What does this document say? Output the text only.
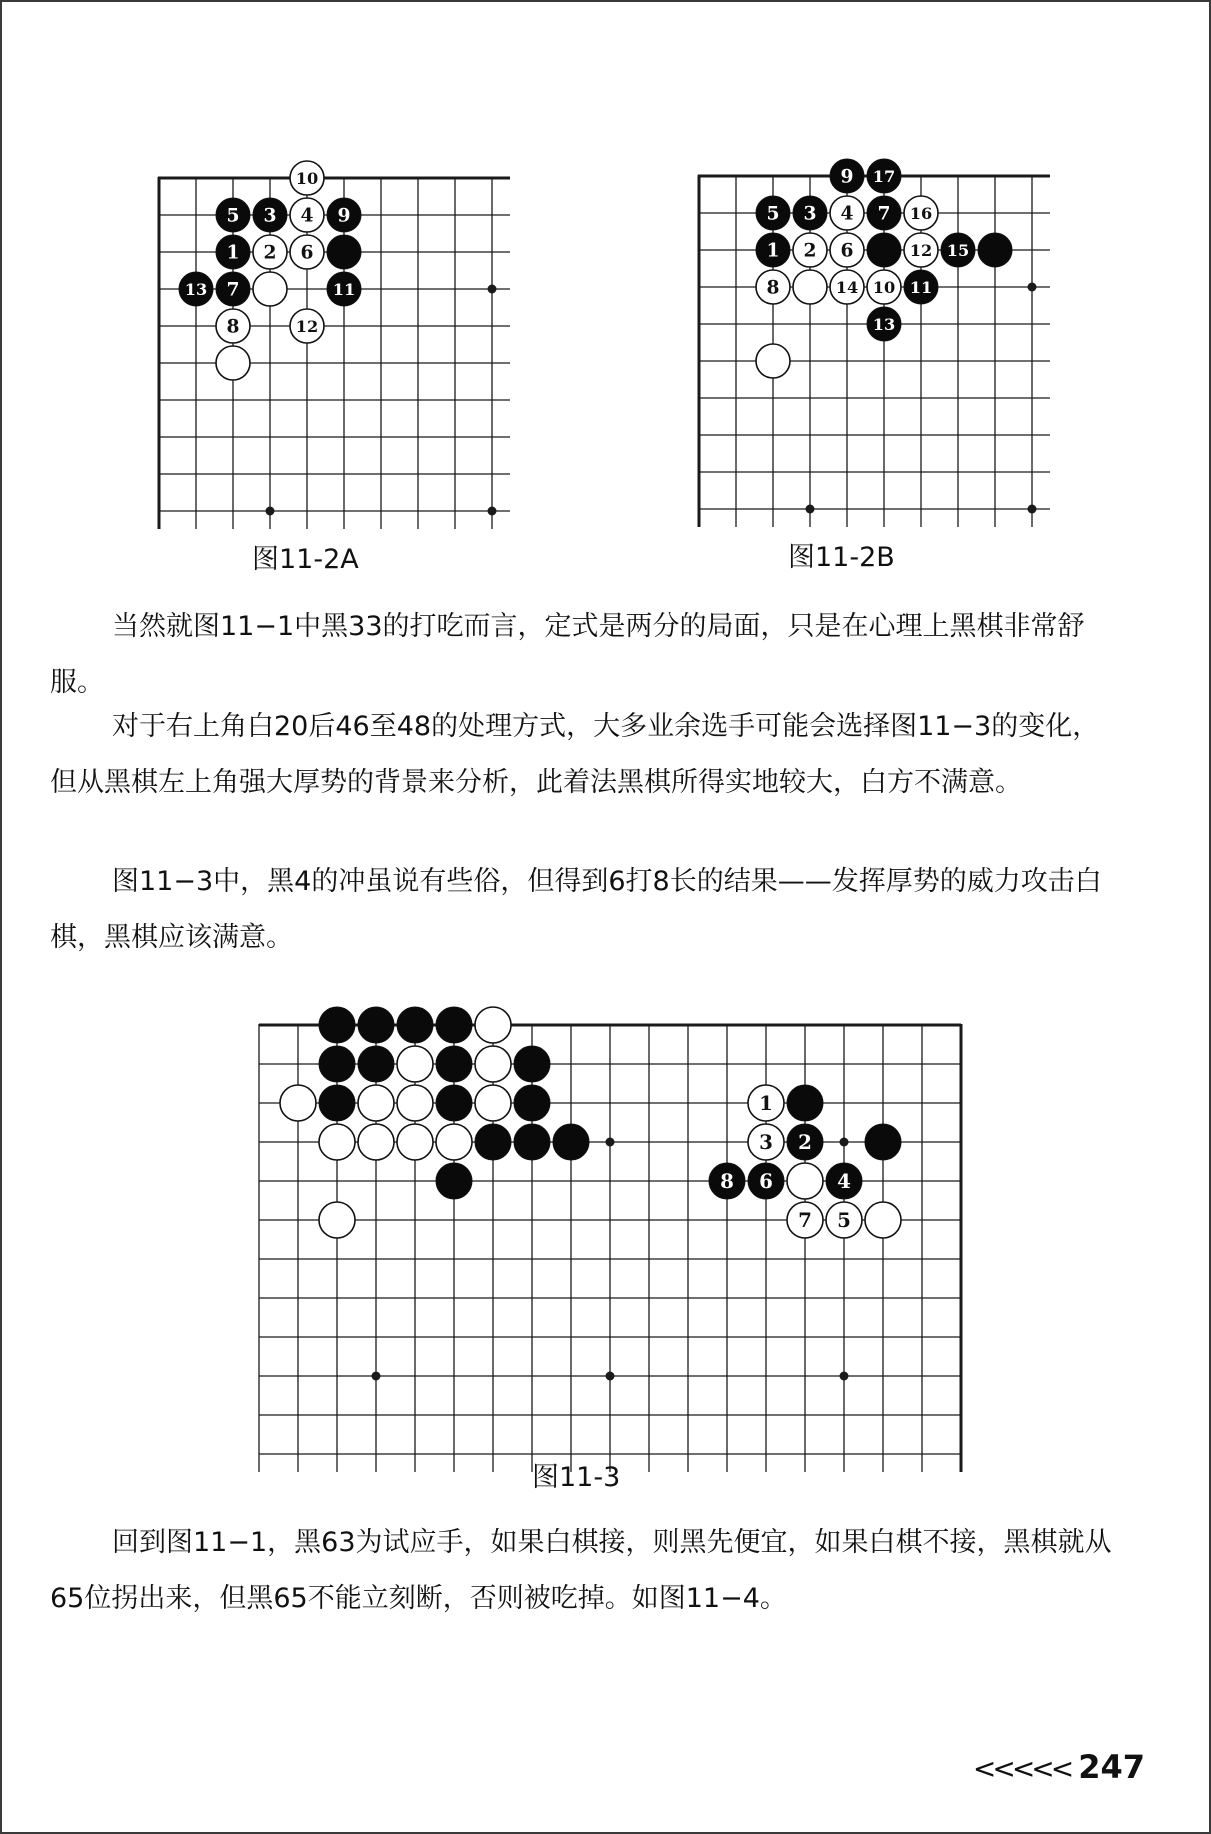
10
5 3 4 9
1 2 6
13 7	11
8	12
图11-2A
9 17
5 3 4 7 16
1 2 6	12 15
8	14 10 11
13
图11-2B

当然就图11−1中黑33的打吃而言，定式是两分的局面，只是在心理上黑棋非常舒服。

对于右上角白20后46至48的处理方式，大多业余选手可能会选择图11−3的变化，但从黑棋左上角强大厚势的背景来分析，此着法黑棋所得实地较大，白方不满意。

图11−3中，黑4的冲虽说有些俗，但得到6打8长的结果——发挥厚势的威力攻击白棋，黑棋应该满意。

1
3 2
8 6	4
7 5
图11-3

回到图11−1，黑63为试应手，如果白棋接，则黑先便宜，如果白棋不接，黑棋就从65位拐出来，但黑65不能立刻断，否则被吃掉。如图11−4。

<<<<< 247
